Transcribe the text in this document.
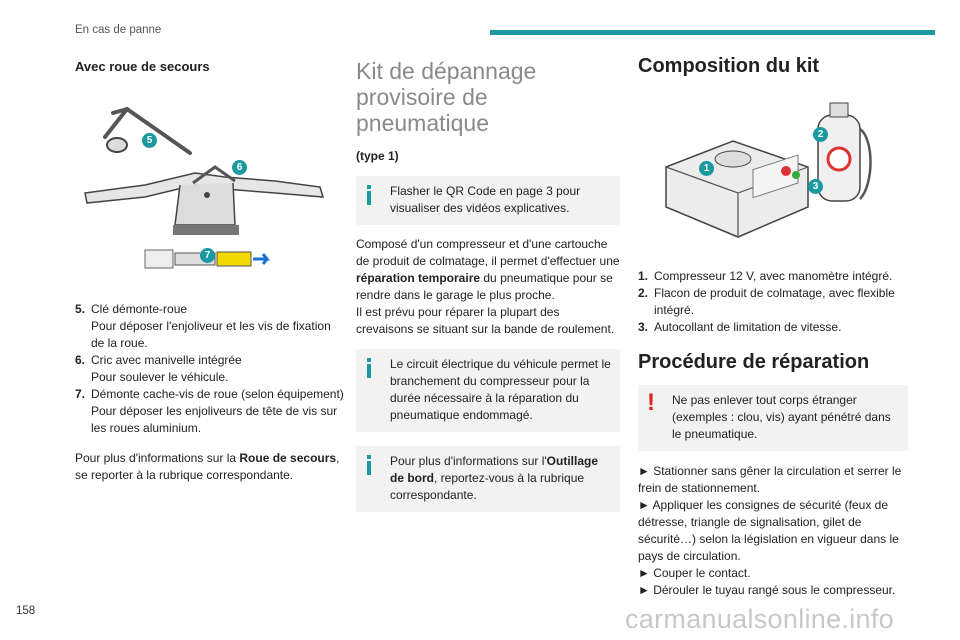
En cas de panne
Avec roue de secours
5
6
7
5. Clé démonte-roue
Pour déposer l'enjoliveur et les vis de fixation de la roue.
6. Cric avec manivelle intégrée
Pour soulever le véhicule.
7. Démonte cache-vis de roue (selon équipement)
Pour déposer les enjoliveurs de tête de vis sur les roues aluminium.

Pour plus d'informations sur la Roue de secours, se reporter à la rubrique correspondante.

Kit de dépannage provisoire de pneumatique
(type 1)
Flasher le QR Code en page 3 pour visualiser des vidéos explicatives.

Composé d'un compresseur et d'une cartouche de produit de colmatage, il permet d'effectuer une réparation temporaire du pneumatique pour se rendre dans le garage le plus proche.

Il est prévu pour réparer la plupart des crevaisons se situant sur la bande de roulement.

Le circuit électrique du véhicule permet le branchement du compresseur pour la durée nécessaire à la réparation du pneumatique endommagé.
Pour plus d'informations sur l'Outillage de bord, reportez-vous à la rubrique correspondante.
Composition du kit
1
2
3
1. Compresseur 12 V, avec manomètre intégré.
2. Flacon de produit de colmatage, avec flexible intégré.
3. Autocollant de limitation de vitesse.
Procédure de réparation
! Ne pas enlever tout corps étranger (exemples : clou, vis) ayant pénétré dans le pneumatique.

► Stationner sans gêner la circulation et serrer le frein de stationnement.

► Appliquer les consignes de sécurité (feux de détresse, triangle de signalisation, gilet de sécurité…) selon la législation en vigueur dans le pays de circulation.

► Couper le contact.

► Dérouler le tuyau rangé sous le compresseur.

158	carmanualsonline.info
